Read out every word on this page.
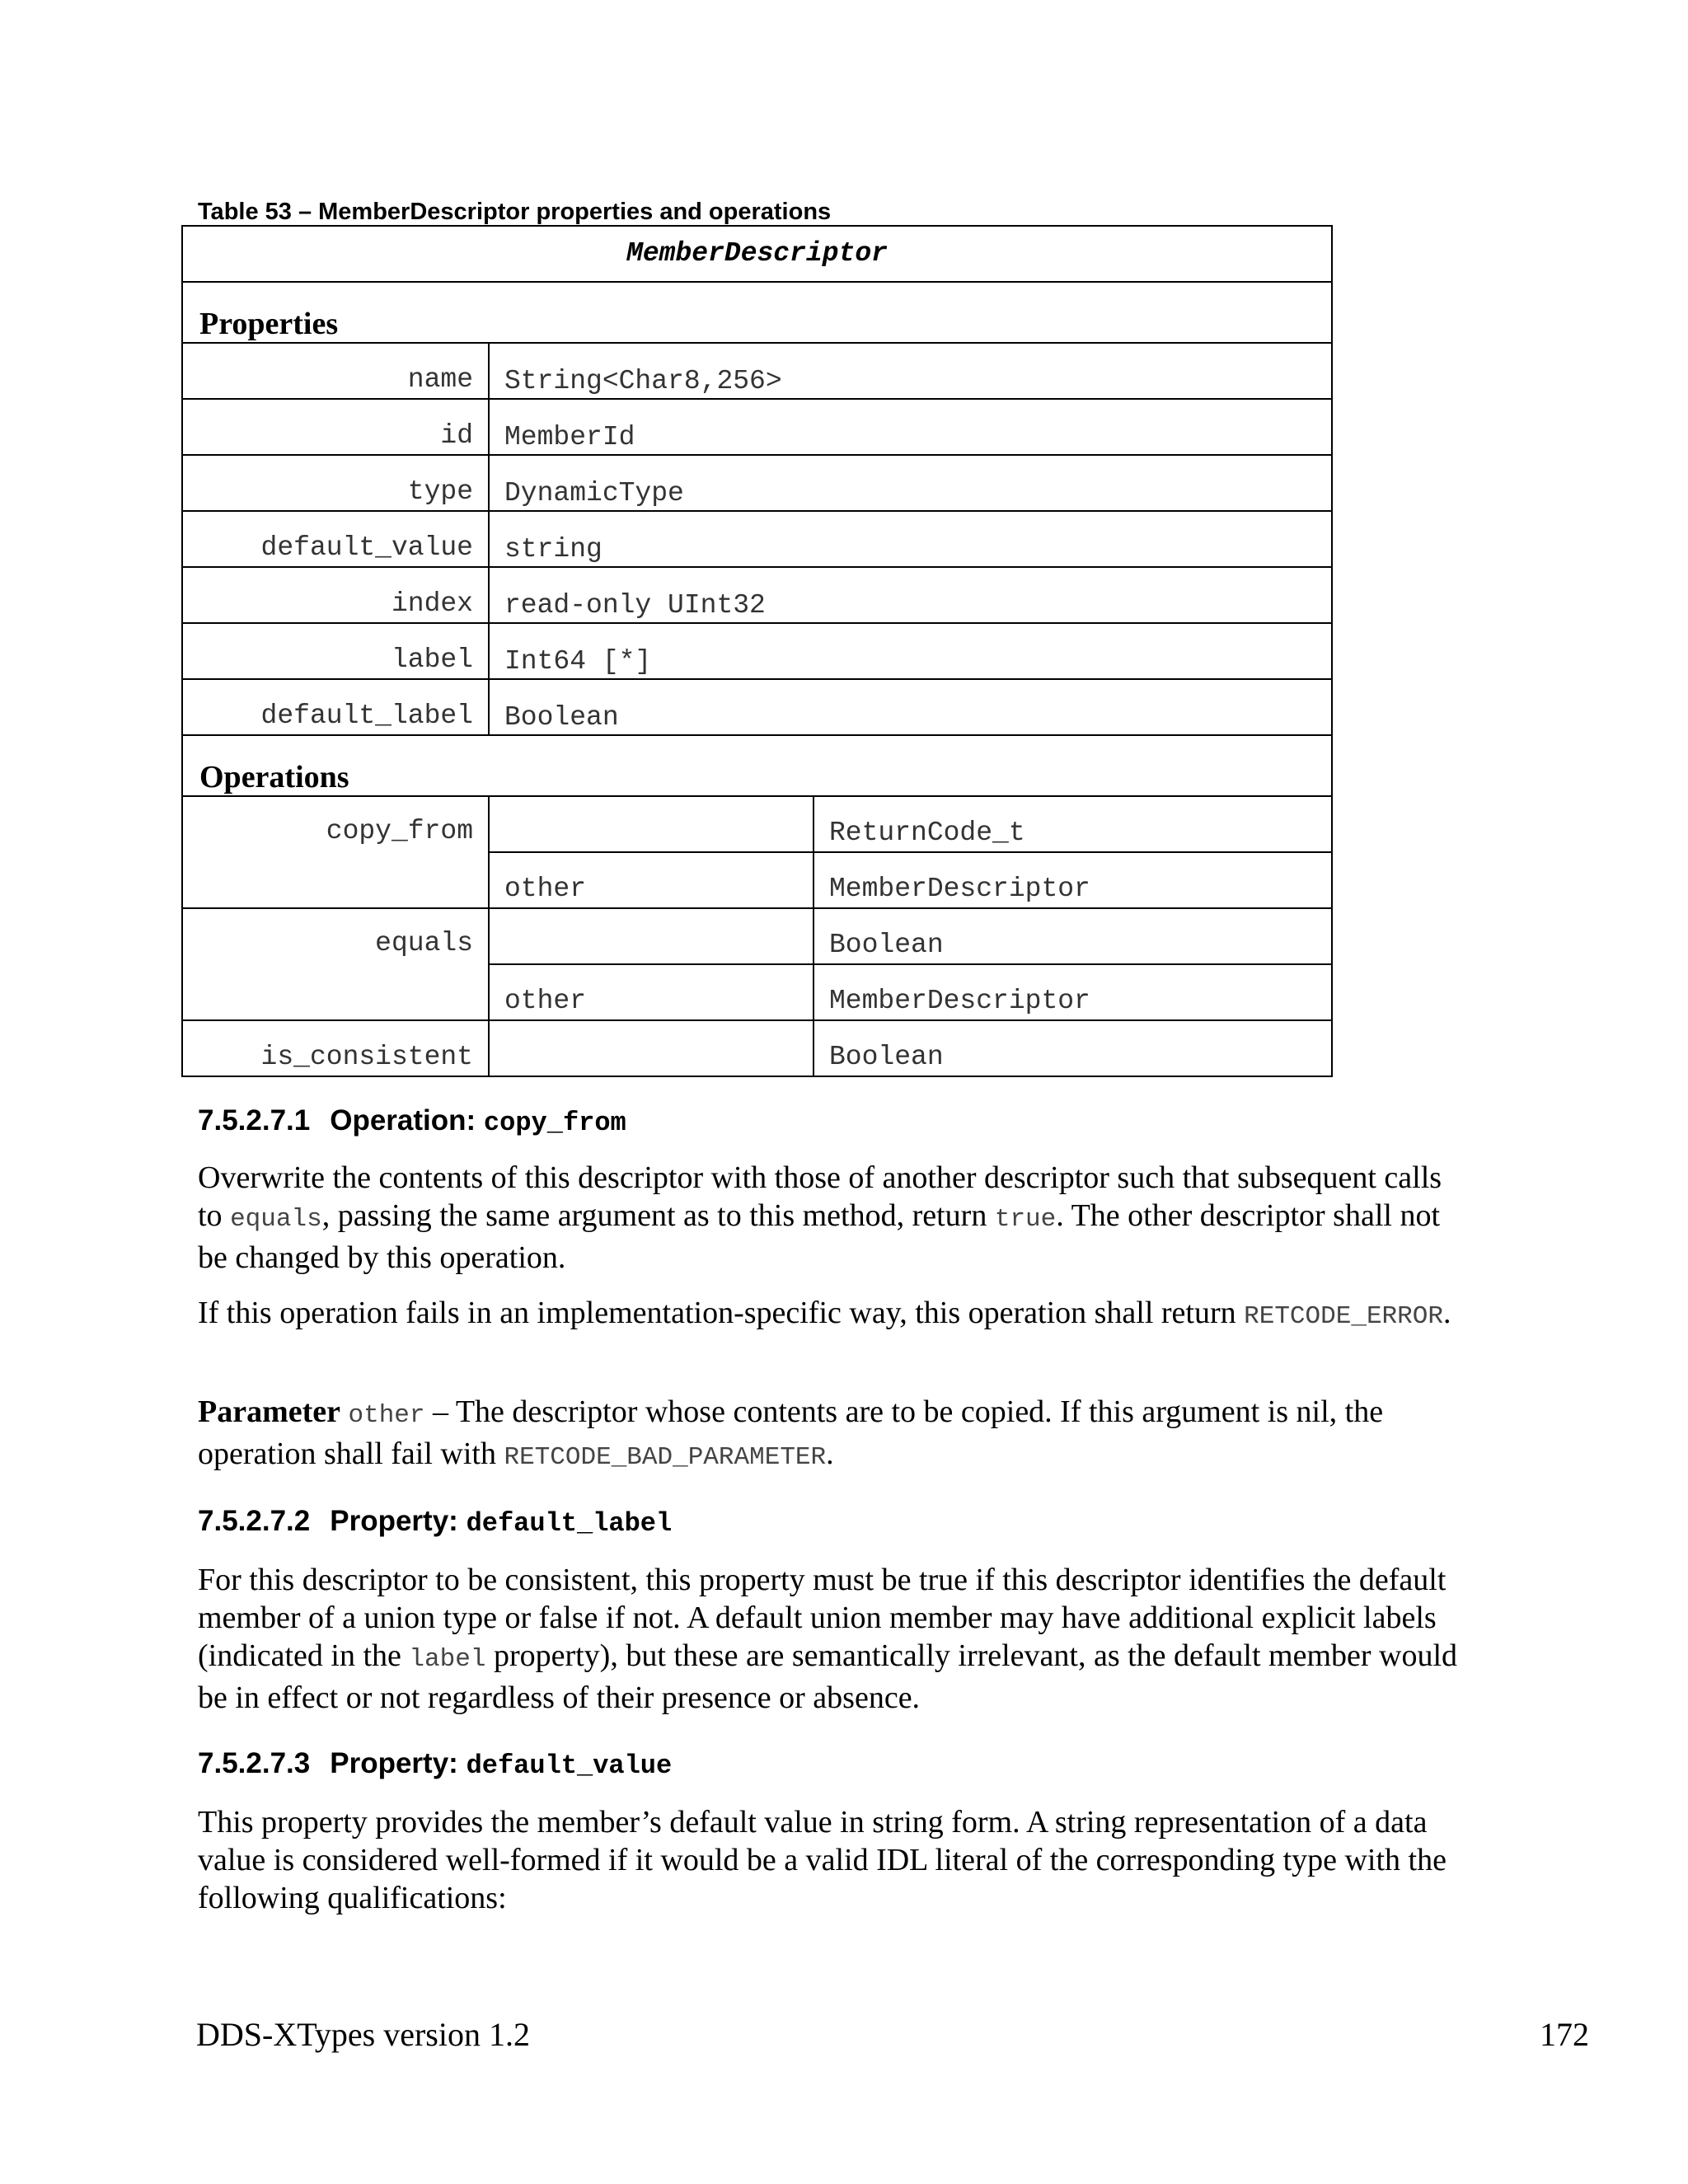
Table 53 – MemberDescriptor properties and operations

MemberDescriptor		
Properties		
name	String<Char8,256>	
id	MemberId	
type	DynamicType	
default_value	string	
index	read-only UInt32	
label	Int64 [*]	
default_label	Boolean	
Operations		
copy_from		ReturnCode_t
	other	MemberDescriptor
equals		Boolean
	other	MemberDescriptor
is_consistent		Boolean
7.5.2.7.1 Operation: copy_from

Overwrite the contents of this descriptor with those of another descriptor such that subsequent calls to equals, passing the same argument as to this method, return true. The other descriptor shall not be changed by this operation.

If this operation fails in an implementation-specific way, this operation shall return RETCODE_ERROR.

Parameter other – The descriptor whose contents are to be copied. If this argument is nil, the operation shall fail with RETCODE_BAD_PARAMETER.

7.5.2.7.2 Property: default_label

For this descriptor to be consistent, this property must be true if this descriptor identifies the default member of a union type or false if not. A default union member may have additional explicit labels (indicated in the label property), but these are semantically irrelevant, as the default member would be in effect or not regardless of their presence or absence.

7.5.2.7.3 Property: default_value

This property provides the member’s default value in string form. A string representation of a data value is considered well-formed if it would be a valid IDL literal of the corresponding type with the following qualifications:

DDS-XTypes version 1.2	172
